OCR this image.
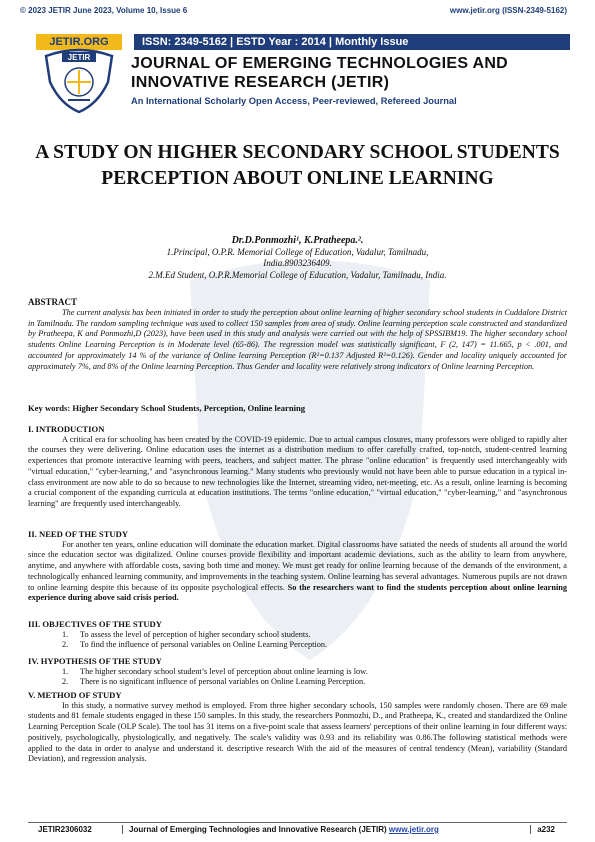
© 2023 JETIR June 2023, Volume 10, Issue 6	www.jetir.org (ISSN-2349-5162)
JETIR.ORG
JETIR
ISSN: 2349-5162 | ESTD Year : 2014 | Monthly Issue
JOURNAL OF EMERGING TECHNOLOGIES AND
INNOVATIVE RESEARCH (JETIR)
An International Scholarly Open Access, Peer-reviewed, Refereed Journal
A STUDY ON HIGHER SECONDARY SCHOOL STUDENTS PERCEPTION ABOUT ONLINE LEARNING
Dr.D.Ponmozhi¹, K.Pratheepa.².
1.Principal, O.P.R. Memorial College of Education, Vadalur, Tamilnadu,
India.8903236409.
2.M.Ed Student, O.P.R.Memorial College of Education, Vadalur, Tamilnadu, India.
ABSTRACT
The current analysis has been initiated in order to study the perception about online learning of higher secondary school students in Cuddalore District in Tamilnadu. The random sampling technique was used to collect 150 samples from area of study. Online learning perception scale constructed and standardized by Pratheepa, K and Ponmozhi,D (2023), have been used in this study and analysis were carried out with the help of SPSSIBM19. The higher secondary school students Online Learning Perception is in Moderate level (65-86). The regression model was statistically significant, F (2, 147) = 11.665, p < .001, and accounted for approximately 14 % of the variance of Online learning Perception (R²=0.137 Adjusted R²=0.126). Gender and locality uniquely accounted for approximately 7%, and 8% of the Online learning Perception. Thus Gender and locality were relatively strong indicators of Online learning Perception.
Key words: Higher Secondary School Students, Perception, Online learning
I. INTRODUCTION

A critical era for schooling has been created by the COVID-19 epidemic. Due to actual campus closures, many professors were obliged to rapidly alter the courses they were delivering. Online education uses the internet as a distribution medium to offer carefully crafted, top-notch, student-centred learning experiences that promote interactive learning with peers, teachers, and subject matter. The phrase "online education" is frequently used interchangeably with "virtual education," "cyber-learning," and "asynchronous learning." Many students who previously would not have been able to pursue education in a typical in-class environment are now able to do so because to new technologies like the Internet, streaming video, net-meeting, etc. As a result, online learning is becoming a crucial component of the expanding curricula at education institutions. The terms "online education," "virtual education," "cyber-learning," and "asynchronous learning" are frequently used interchangeably.

II. NEED OF THE STUDY

For another ten years, online education will dominate the education market. Digital classrooms have satiated the needs of students all around the world since the education sector was digitalized. Online courses provide flexibility and important academic deviations, such as the ability to learn from anywhere, anytime, and anywhere with affordable costs, saving both time and money. We must get ready for online learning because of the demands of the environment, a technologically enhanced learning community, and improvements in the teaching system. Online learning has several advantages. Numerous pupils are not drawn to online learning despite this because of its opposite psychological effects. So the researchers want to find the students perception about online learning experience during above said crisis period.

III. OBJECTIVES OF THE STUDY
1. To assess the level of perception of higher secondary school students.
2. To find the influence of personal variables on Online Learning Perception.
IV. HYPOTHESIS OF THE STUDY
1. The higher secondary school student’s level of perception about online learning is low.
2. There is no significant influence of personal variables on Online Learning Perception.
V. METHOD OF STUDY

In this study, a normative survey method is employed. From three higher secondary schools, 150 samples were randomly chosen. There are 69 male students and 81 female students engaged in these 150 samples. In this study, the researchers Ponmozhi, D., and Pratheepa, K., created and standardized the Online Learning Perception Scale (OLP Scale). The tool has 31 items on a five-point scale that assess learners' perceptions of their online learning in four different ways: positively, psychologically, physiologically, and negatively. The scale's validity was 0.93 and its reliability was 0.86.The following statistical methods were applied to the data in order to analyse and understand it. descriptive research With the aid of the measures of central tendency (Mean), variability (Standard Deviation), and regression analysis.

JETIR2306032	Journal of Emerging Technologies and Innovative Research (JETIR) www.jetir.org	a232
